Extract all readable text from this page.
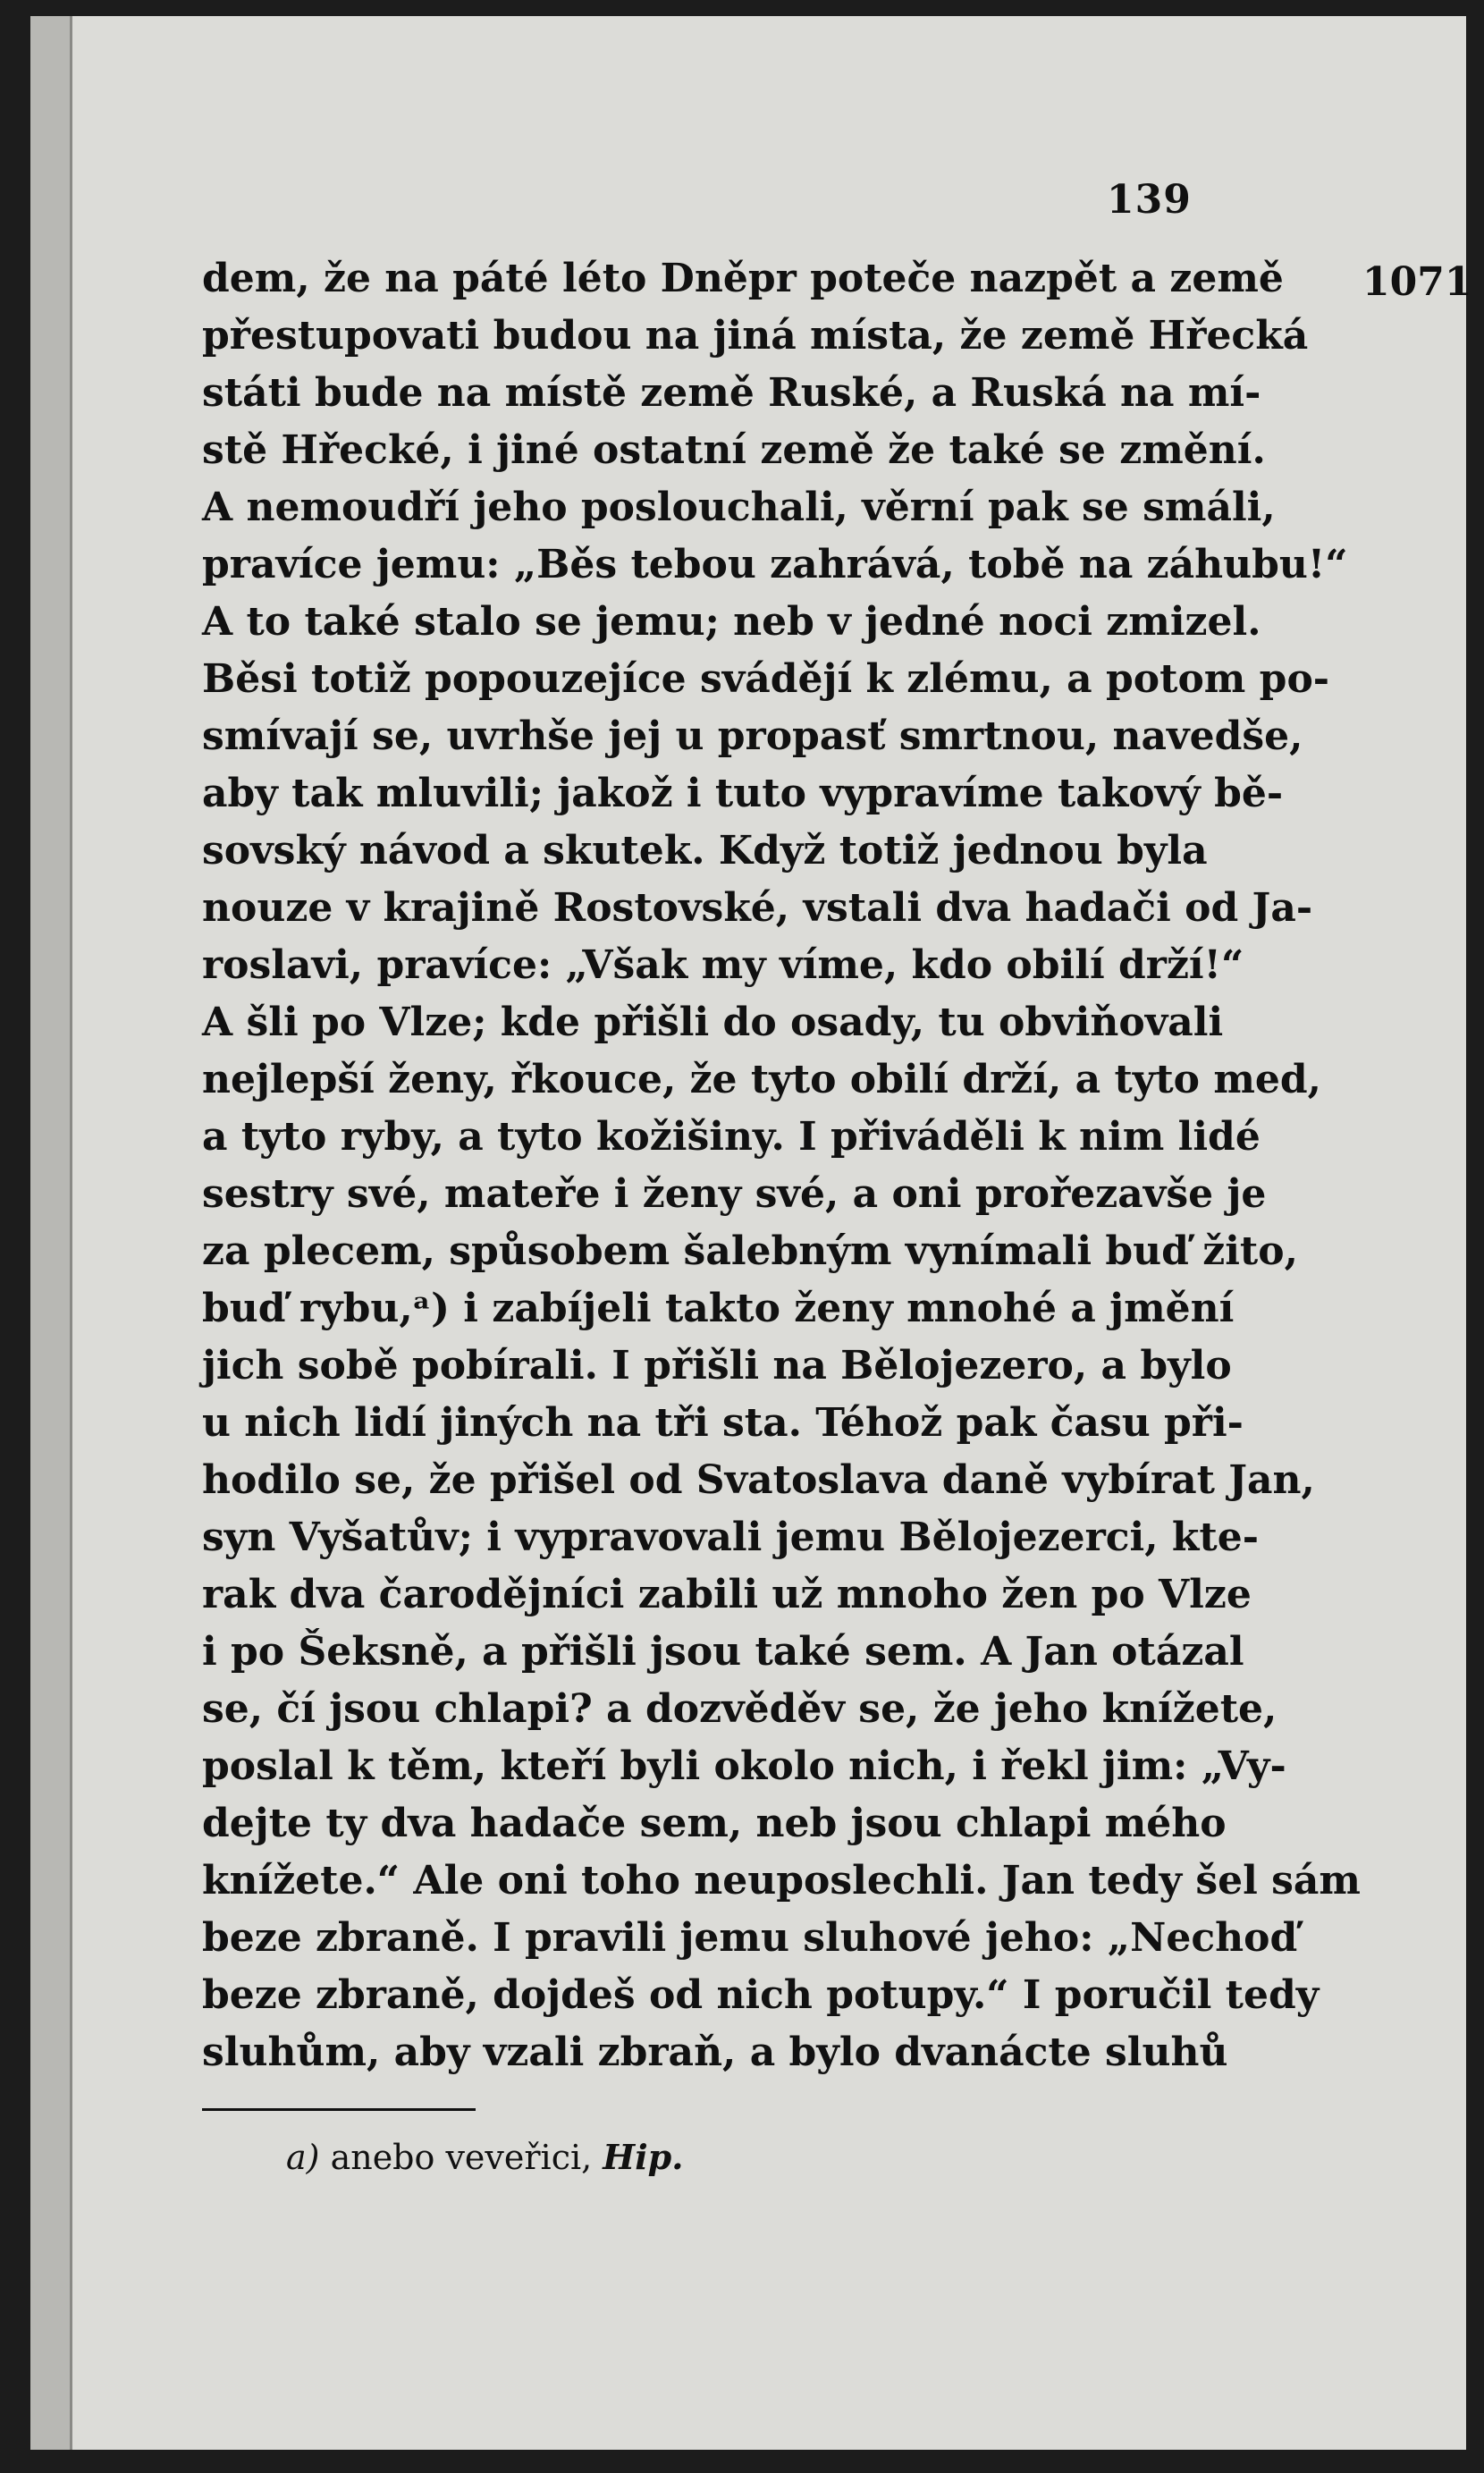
139
1071
dem, že na páté léto Dněpr poteče nazpět a země
přestupovati budou na jiná místa, že země Hřecká
státi bude na místě země Ruské, a Ruská na mí-
stě Hřecké, i jiné ostatní země že také se změní.
A nemoudří jeho poslouchali, věrní pak se smáli,
pravíce jemu: „Běs tebou zahrává, tobě na záhubu!“
A to také stalo se jemu; neb v jedné noci zmizel.
Běsi totiž popouzejíce svádějí k zlému, a potom po-
smívají se, uvrhše jej u propasť smrtnou, navedše,
aby tak mluvili; jakož i tuto vypravíme takový bě-
sovský návod a skutek. Když totiž jednou byla
nouze v krajině Rostovské, vstali dva hadači od Ja-
roslavi, pravíce: „Však my víme, kdo obilí drží!“
A šli po Vlze; kde přišli do osady, tu obviňovali
nejlepší ženy, řkouce, že tyto obilí drží, a tyto med,
a tyto ryby, a tyto kožišiny. I přiváděli k nim lidé
sestry své, mateře i ženy své, a oni prořezavše je
za plecem, spůsobem šalebným vynímali buď žito,
buď rybu,ᵃ) i zabíjeli takto ženy mnohé a jmění
jich sobě pobírali. I přišli na Bělojezero, a bylo
u nich lidí jiných na tři sta. Téhož pak času při-
hodilo se, že přišel od Svatoslava daně vybírat Jan,
syn Vyšatův; i vypravovali jemu Bělojezerci, kte-
rak dva čarodějníci zabili už mnoho žen po Vlze
i po Šeksně, a přišli jsou také sem. A Jan otázal
se, čí jsou chlapi? a dozvěděv se, že jeho knížete,
poslal k těm, kteří byli okolo nich, i řekl jim: „Vy-
dejte ty dva hadače sem, neb jsou chlapi mého
knížete.“ Ale oni toho neuposlechli. Jan tedy šel sám
beze zbraně. I pravili jemu sluhové jeho: „Nechoď
beze zbraně, dojdeš od nich potupy.“ I poručil tedy
sluhům, aby vzali zbraň, a bylo dvanácte sluhů
a) anebo veveřici, Hip.
